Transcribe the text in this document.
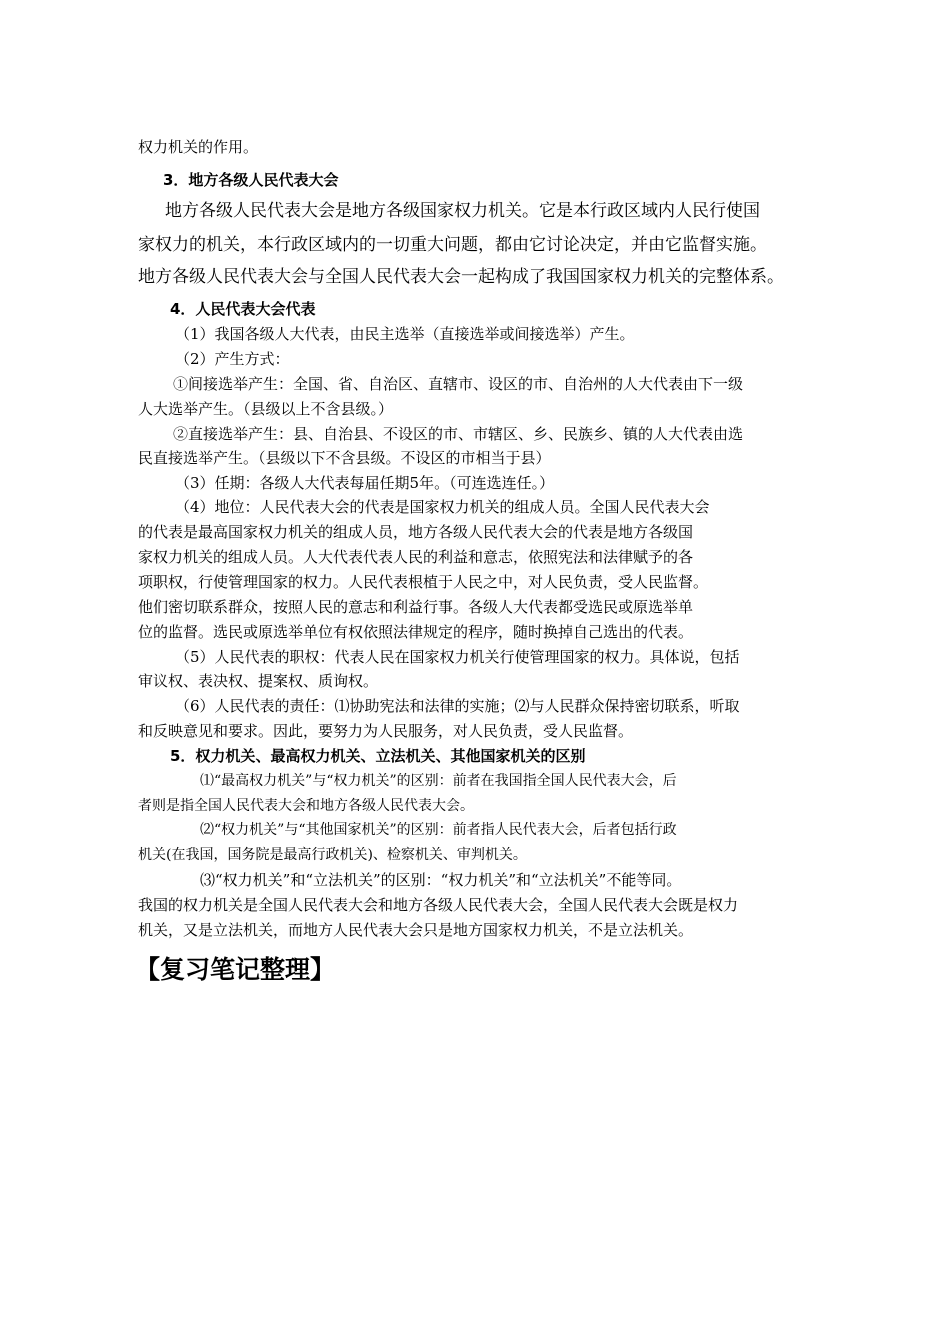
权力机关的作用。
3．地方各级人民代表大会
地方各级人民代表大会是地方各级国家权力机关。它是本行政区域内人民行使国
家权力的机关，本行政区域内的一切重大问题，都由它讨论决定，并由它监督实施。
地方各级人民代表大会与全国人民代表大会一起构成了我国国家权力机关的完整体系。
4．人民代表大会代表
（1）我国各级人大代表，由民主选举（直接选举或间接选举）产生。
（2）产生方式：
①间接选举产生：全国、省、自治区、直辖市、设区的市、自治州的人大代表由下一级
人大选举产生。（县级以上不含县级。）
②直接选举产生：县、自治县、不设区的市、市辖区、乡、民族乡、镇的人大代表由选
民直接选举产生。（县级以下不含县级。不设区的市相当于县）
（3）任期：各级人大代表每届任期5年。（可连选连任。）
（4）地位：人民代表大会的代表是国家权力机关的组成人员。全国人民代表大会
的代表是最高国家权力机关的组成人员，地方各级人民代表大会的代表是地方各级国
家权力机关的组成人员。人大代表代表人民的利益和意志，依照宪法和法律赋予的各
项职权，行使管理国家的权力。人民代表根植于人民之中，对人民负责，受人民监督。
他们密切联系群众，按照人民的意志和利益行事。各级人大代表都受选民或原选举单
位的监督。选民或原选举单位有权依照法律规定的程序，随时换掉自己选出的代表。
（5）人民代表的职权：代表人民在国家权力机关行使管理国家的权力。具体说，包括
审议权、表决权、提案权、质询权。
（6）人民代表的责任：⑴协助宪法和法律的实施；⑵与人民群众保持密切联系，听取
和反映意见和要求。因此，要努力为人民服务，对人民负责，受人民监督。
5．权力机关、最高权力机关、立法机关、其他国家机关的区别
⑴“最高权力机关”与“权力机关”的区别：前者在我国指全国人民代表大会，后
者则是指全国人民代表大会和地方各级人民代表大会。
⑵“权力机关”与“其他国家机关”的区别：前者指人民代表大会，后者包括行政
机关(在我国，国务院是最高行政机关)、检察机关、审判机关。
⑶“权力机关”和“立法机关”的区别：“权力机关”和“立法机关”不能等同。
我国的权力机关是全国人民代表大会和地方各级人民代表大会，全国人民代表大会既是权力
机关，又是立法机关，而地方人民代表大会只是地方国家权力机关，不是立法机关。
【复习笔记整理】
